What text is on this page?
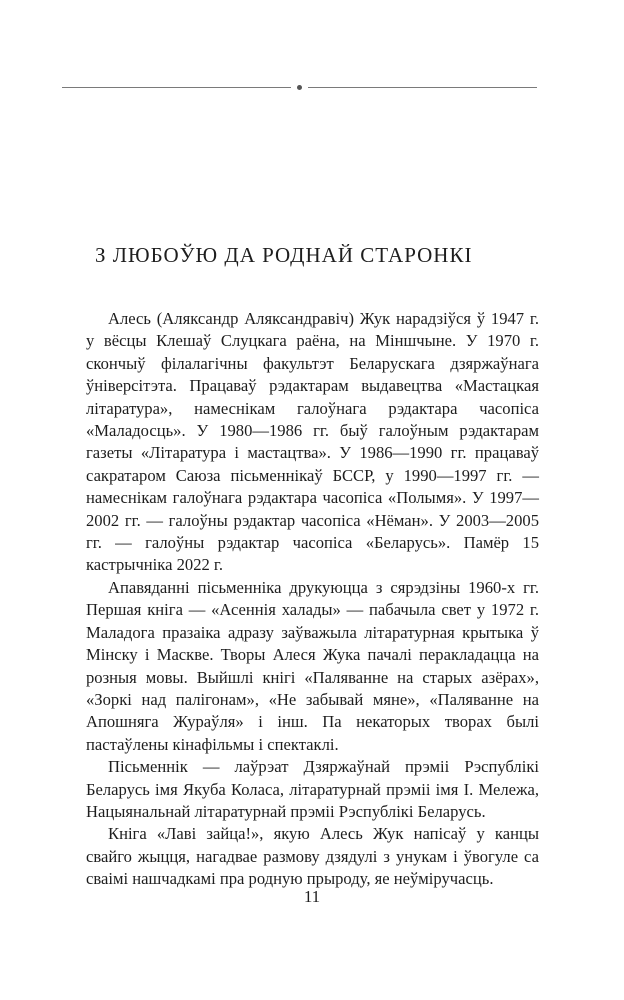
З ЛЮБОЎЮ ДА РОДНАЙ СТАРОНКІ

Алесь (Аляксандр Аляксандравіч) Жук нарадзіўся ў 1947 г. у вёсцы Клешаў Слуцкага раёна, на Міншчыне. У 1970 г. скончыў філалагічны факультэт Беларускага дзяржаўнага ўніверсітэта. Працаваў рэдактарам выдавецтва «Мастацкая літаратура», намеснікам галоўнага рэдактара часопіса «Маладосць». У 1980—1986 гг. быў галоўным рэдактарам газеты «Літаратура і мастацтва». У 1986—1990 гг. працаваў сакратаром Саюза пісьменнікаў БССР, у 1990—1997 гг. — намеснікам галоўнага рэдактара часопіса «Полымя». У 1997—2002 гг. — галоўны рэдактар часопіса «Нёман». У 2003—2005 гг. — галоўны рэдактар часопіса «Беларусь». Памёр 15 кастрычніка 2022 г.

Апавяданні пісьменніка друкуюцца з сярэдзіны 1960-х гг. Першая кніга — «Асеннія халады» — пабачыла свет у 1972 г. Маладога празаіка адразу заўважыла літаратурная крытыка ў Мінску і Маскве. Творы Алеся Жука пачалі перакладацца на розныя мовы. Выйшлі кнігі «Паляванне на старых азёрах», «Зоркі над палігонам», «Не забывай мяне», «Паляванне на Апошняга Жураўля» і інш. Па некаторых творах былі пастаўлены кінафільмы і спектаклі.

Пісьменнік — лаўрэат Дзяржаўнай прэміі Рэспублікі Беларусь імя Якуба Коласа, літаратурнай прэміі імя І. Мележа, Нацыянальнай літаратурнай прэміі Рэспублікі Беларусь.

Кніга «Лаві зайца!», якую Алесь Жук напісаў у канцы свайго жыцця, нагадвае размову дзядулі з унукам і ўвогуле са сваімі нашчадкамі пра родную прыроду, яе неўміручасць.

11
